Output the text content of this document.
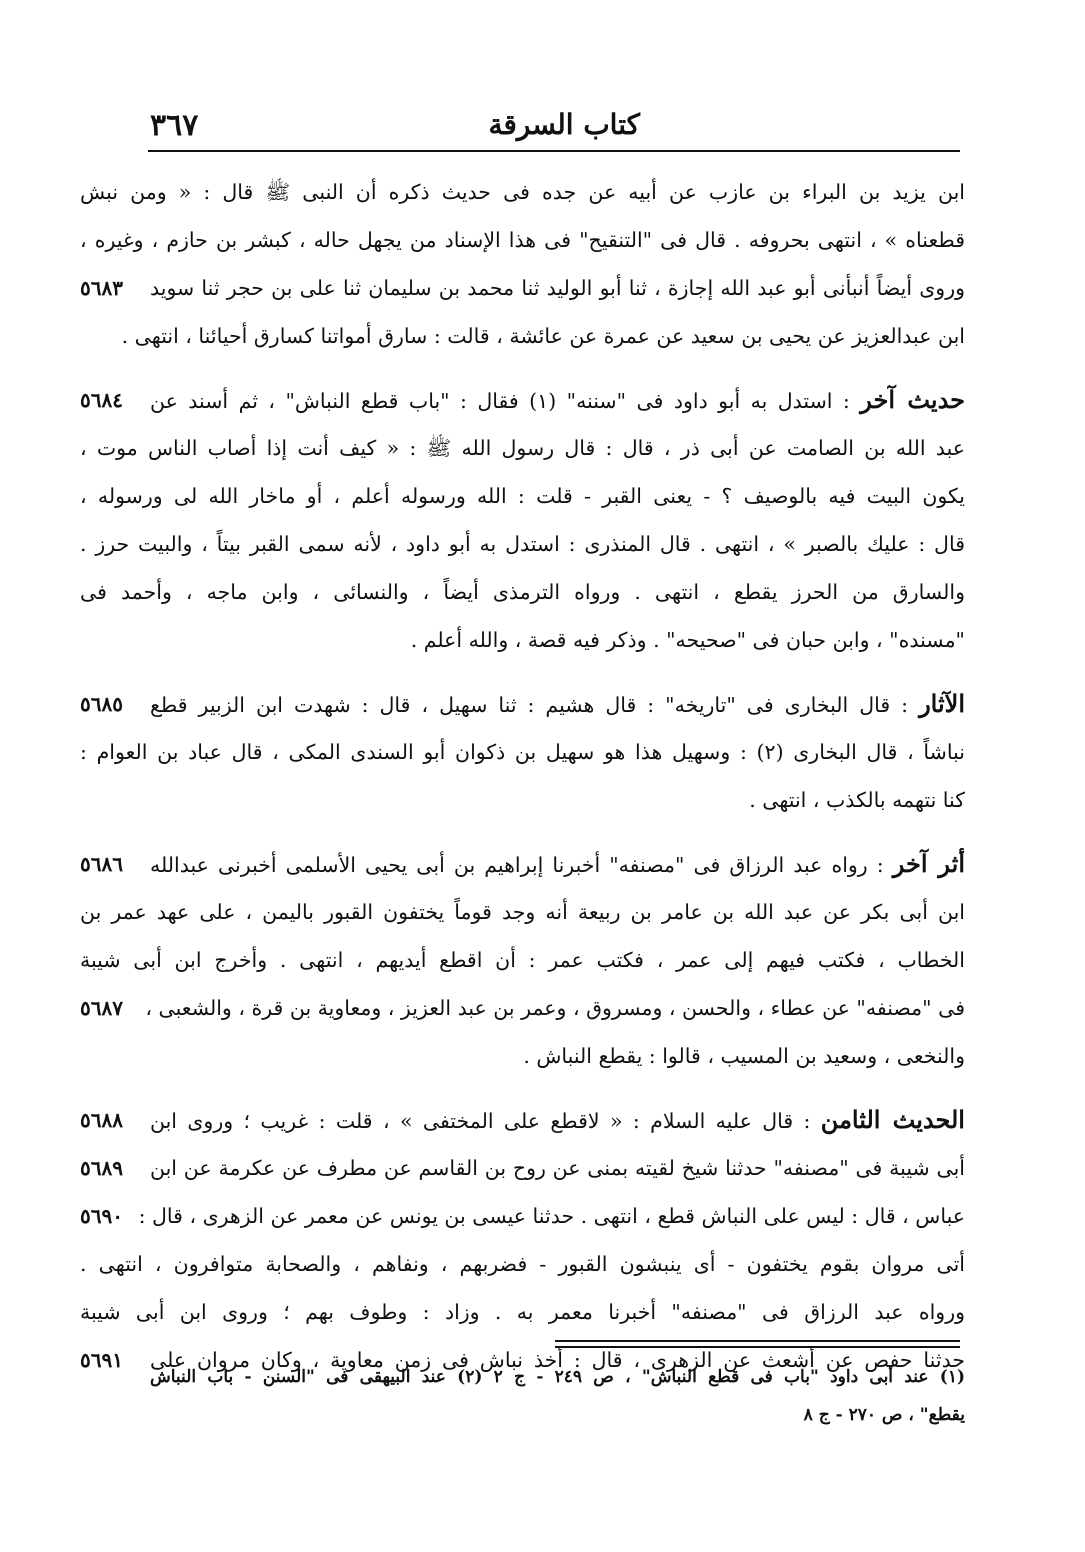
كتاب السرقة
٣٦٧
ابن يزيد بن البراء بن عازب عن أبيه عن جده فى حديث ذكره أن النبى ﷺ قال : « ومن نبش
قطعناه » ، انتهى بحروفه . قال فى "التنقيح" فى هذا الإسناد من يجهل حاله ، كبشر بن حازم ، وغيره ،
وروى أيضاً أنبأنى أبو عبد الله إجازة ، ثنا أبو الوليد ثنا محمد بن سليمان ثنا على بن حجر ثنا سويد
٥٦٨٣
ابن عبدالعزيز عن يحيى بن سعيد عن عمرة عن عائشة ، قالت : سارق أمواتنا كسارق أحيائنا ، انتهى .
حديث آخر : استدل به أبو داود فى "سننه" (١) فقال : "باب قطع النباش" ، ثم أسند عن
٥٦٨٤
عبد الله بن الصامت عن أبى ذر ، قال : قال رسول الله ﷺ : « كيف أنت إذا أصاب الناس موت ،
يكون البيت فيه بالوصيف ؟ - يعنى القبر - قلت : الله ورسوله أعلم ، أو ماخار الله لى ورسوله ،
قال : عليك بالصبر » ، انتهى . قال المنذرى : استدل به أبو داود ، لأنه سمى القبر بيتاً ، والبيت حرز .
والسارق من الحرز يقطع ، انتهى . ورواه الترمذى أيضاً ، والنسائى ، وابن ماجه ، وأحمد فى
"مسنده" ، وابن حبان فى "صحيحه" . وذكر فيه قصة ، والله أعلم .
الآثار : قال البخارى فى "تاريخه" : قال هشيم : ثنا سهيل ، قال : شهدت ابن الزبير قطع
٥٦٨٥
نباشاً ، قال البخارى (٢) : وسهيل هذا هو سهيل بن ذكوان أبو السندى المكى ، قال عباد بن العوام :
كنا نتهمه بالكذب ، انتهى .
أثر آخر : رواه عبد الرزاق فى "مصنفه" أخبرنا إبراهيم بن أبى يحيى الأسلمى أخبرنى عبدالله
٥٦٨٦
ابن أبى بكر عن عبد الله بن عامر بن ربيعة أنه وجد قوماً يختفون القبور باليمن ، على عهد عمر بن
الخطاب ، فكتب فيهم إلى عمر ، فكتب عمر : أن اقطع أيديهم ، انتهى . وأخرج ابن أبى شيبة
فى "مصنفه" عن عطاء ، والحسن ، ومسروق ، وعمر بن عبد العزيز ، ومعاوية بن قرة ، والشعبى ،
٥٦٨٧
والنخعى ، وسعيد بن المسيب ، قالوا : يقطع النباش .
الحديث الثامن : قال عليه السلام : « لاقطع على المختفى » ، قلت : غريب ؛ وروى ابن
٥٦٨٨
أبى شيبة فى "مصنفه" حدثنا شيخ لقيته بمنى عن روح بن القاسم عن مطرف عن عكرمة عن ابن
٥٦٨٩
عباس ، قال : ليس على النباش قطع ، انتهى . حدثنا عيسى بن يونس عن معمر عن الزهرى ، قال :
٥٦٩٠
أتى مروان بقوم يختفون - أى ينبشون القبور - فضربهم ، ونفاهم ، والصحابة متوافرون ، انتهى .
ورواه عبد الرزاق فى "مصنفه" أخبرنا معمر به . وزاد : وطوف بهم ؛ وروى ابن أبى شيبة
حدثنا حفص عن أشعث عن الزهرى ، قال : أخذ نباش فى زمن معاوية ، وكان مروان على
٥٦٩١
(١) عند أبى داود "باب فى قطع النباش" ، ص ٢٤٩ - ج ٢ (٢) عند البيهقى فى "السنن - باب النباش
يقطع" ، ص ٢٧٠ - ج ٨
